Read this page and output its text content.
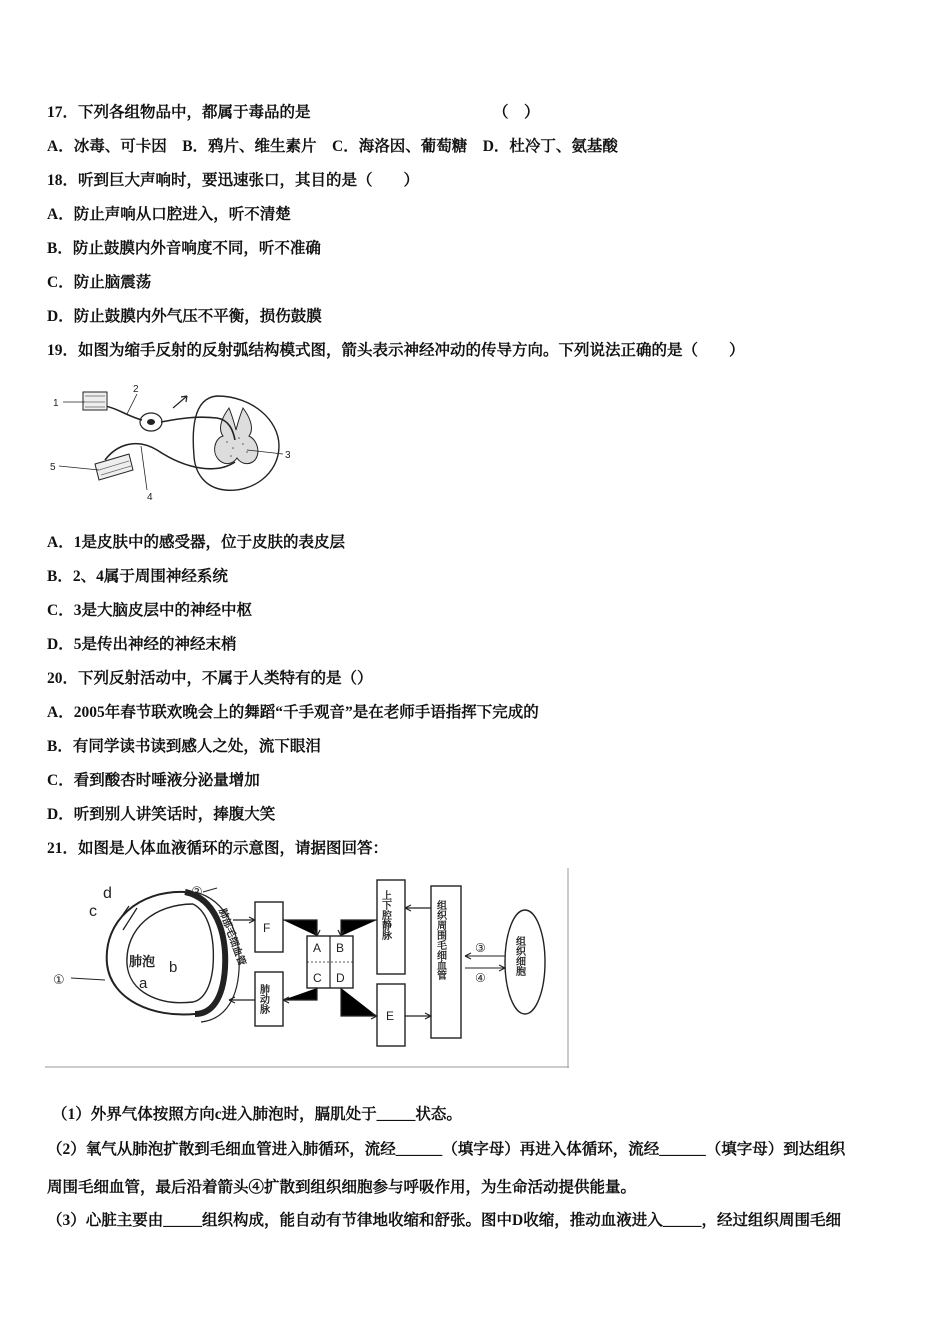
17．下列各组物品中，都属于毒品的是	（　）
A．冰毒、可卡因　B．鸦片、维生素片　C．海洛因、葡萄糖　D．杜冷丁、氨基酸
18．听到巨大声响时，要迅速张口，其目的是（　　）
A．防止声响从口腔进入，听不清楚
B．防止鼓膜内外音响度不同，听不准确
C．防止脑震荡
D．防止鼓膜内外气压不平衡，损伤鼓膜
19．如图为缩手反射的反射弧结构模式图，箭头表示神经冲动的传导方向。下列说法正确的是（　　）
1
2
3
4
5
A．1是皮肤中的感受器，位于皮肤的表皮层
B．2、4属于周围神经系统
C．3是大脑皮层中的神经中枢
D．5是传出神经的神经末梢
20．下列反射活动中，不属于人类特有的是（）
A．2005年春节联欢晚会上的舞蹈“千手观音”是在老师手语指挥下完成的
B．有同学读书读到感人之处，流下眼泪
C．看到酸杏时唾液分泌量增加
D．听到别人讲笑话时，捧腹大笑
21．如图是人体血液循环的示意图，请据图回答：
d
c
b
a
肺泡	肺部毛细血管
①
②
F
肺动脉
A B
C D
上下腔静脉
E
组织周围毛细血管	组织细胞
③
④
（1）外界气体按照方向c进入肺泡时，膈肌处于_____状态。
（2）氧气从肺泡扩散到毛细血管进入肺循环，流经______（填字母）再进入体循环，流经______（填字母）到达组织
周围毛细血管，最后沿着箭头④扩散到组织细胞参与呼吸作用，为生命活动提供能量。
（3）心脏主要由_____组织构成，能自动有节律地收缩和舒张。图中D收缩，推动血液进入_____，经过组织周围毛细
